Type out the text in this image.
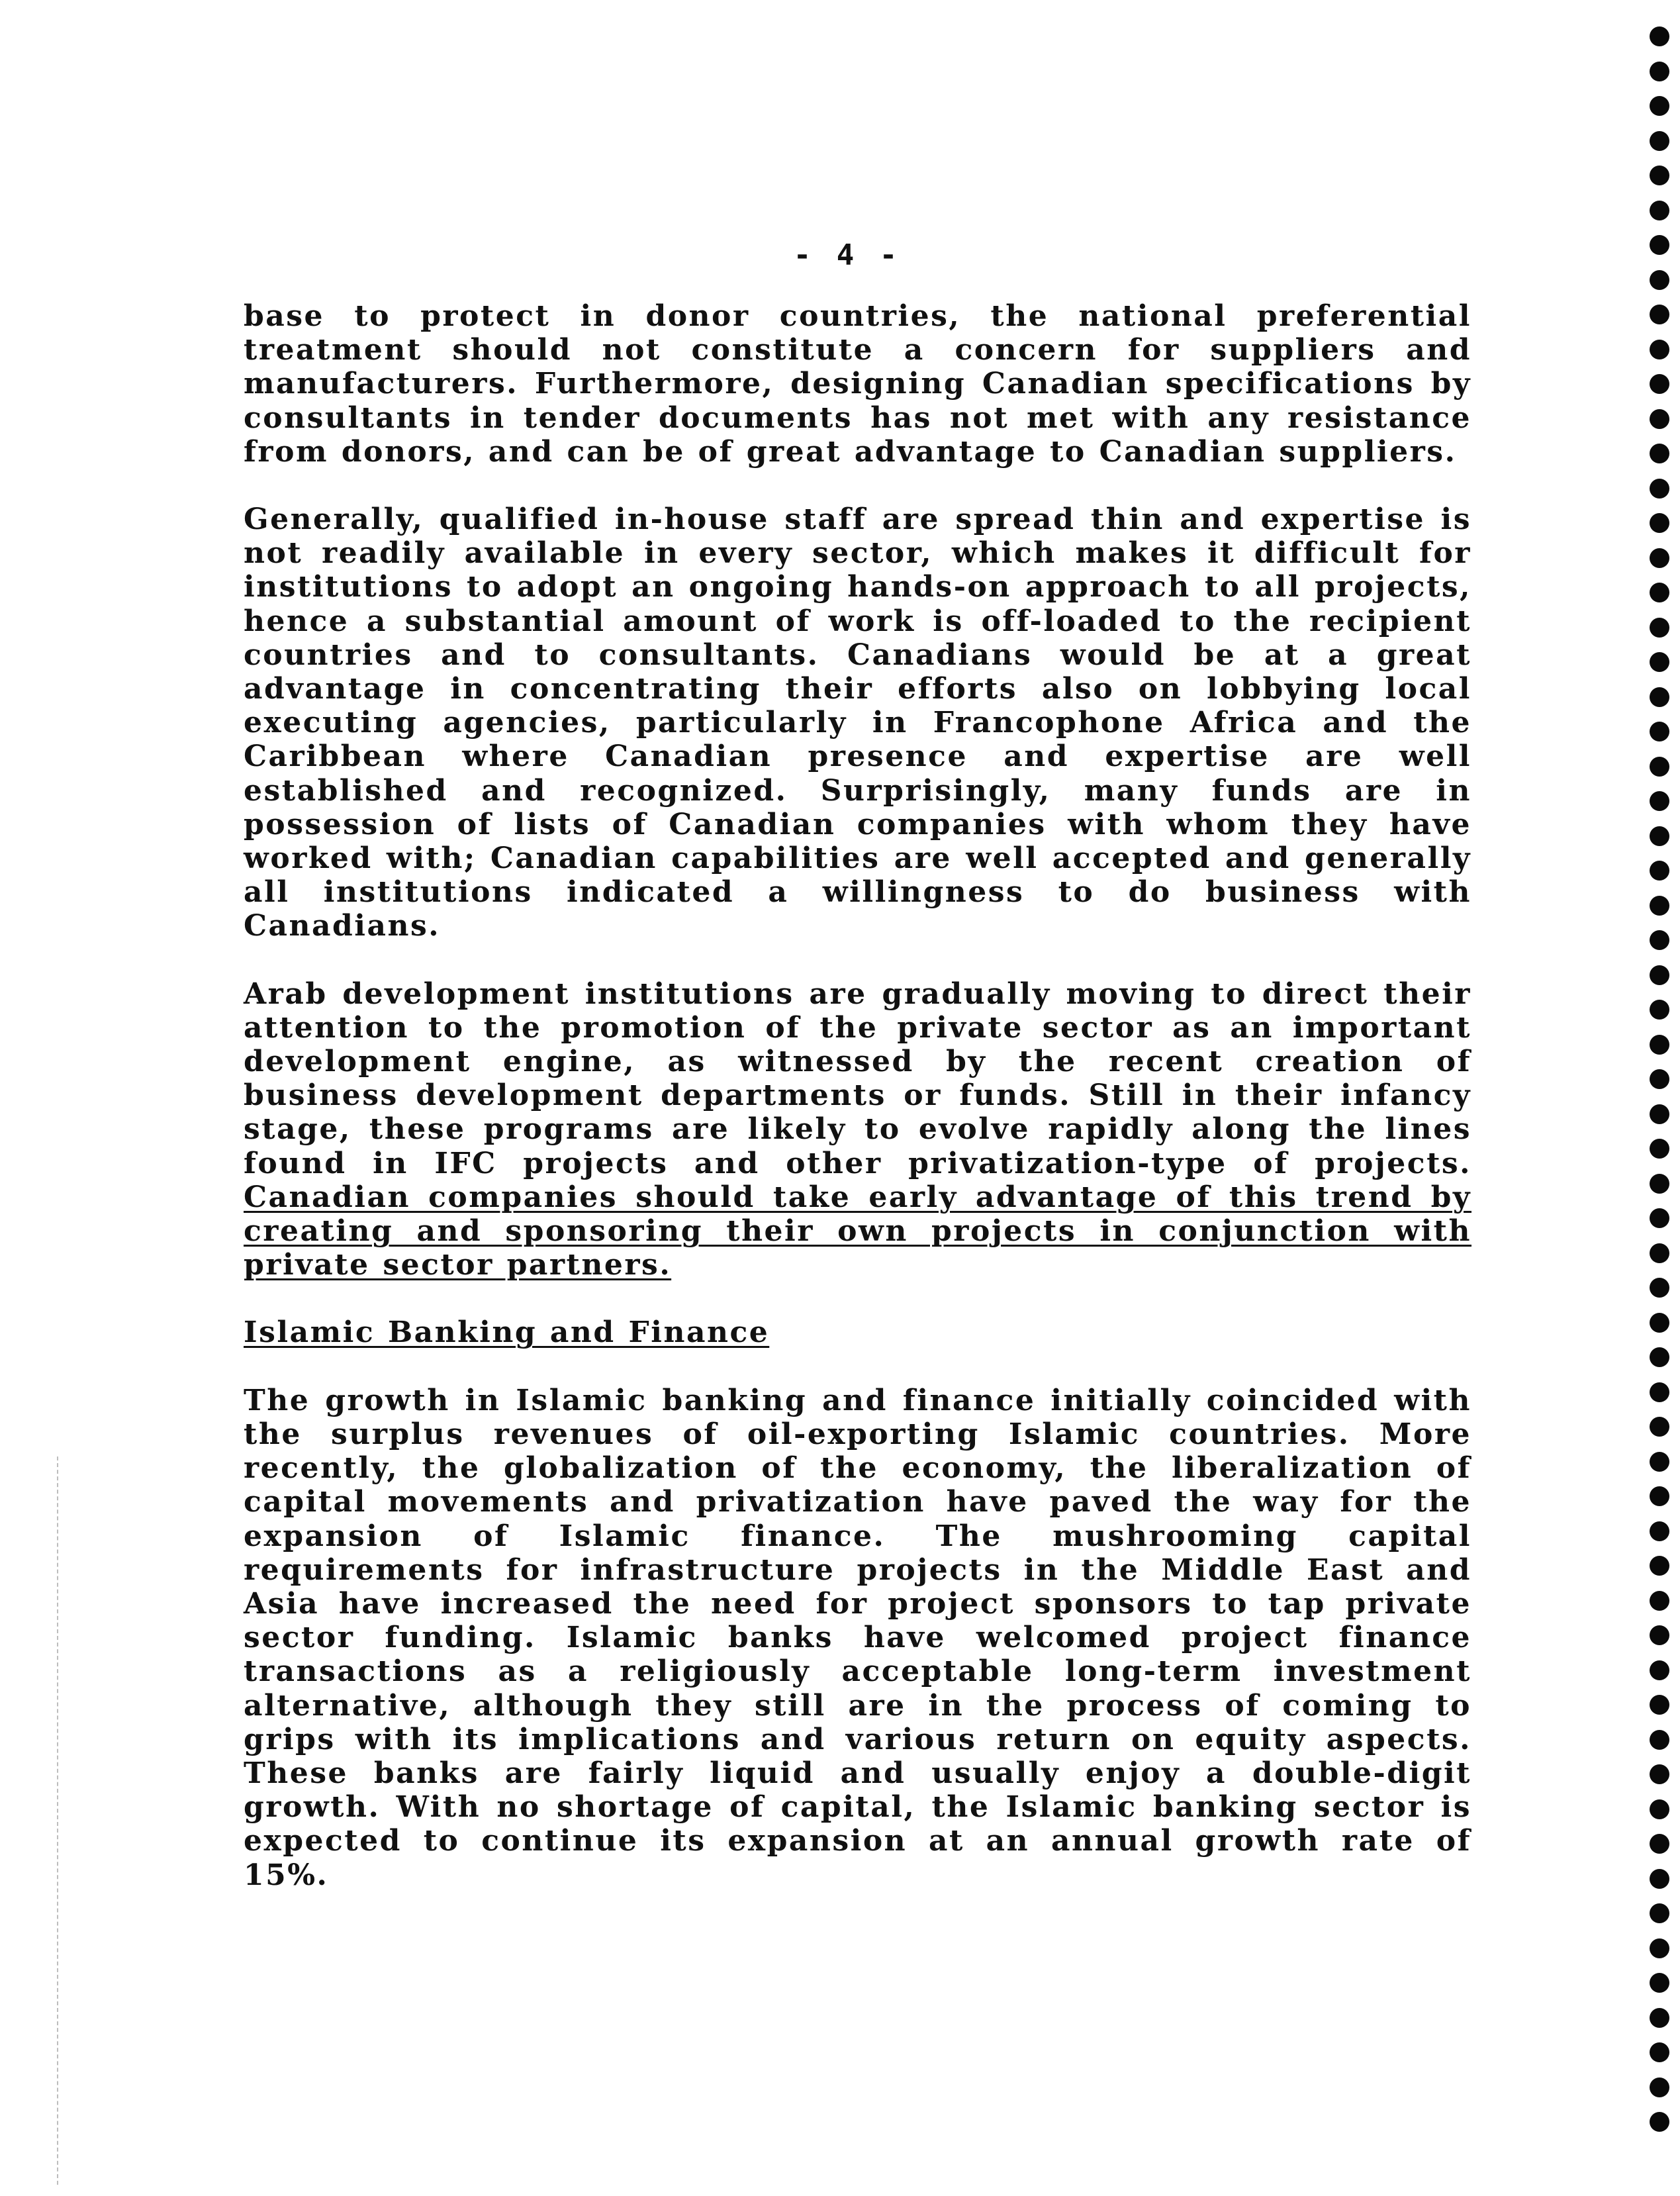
- 4 -

base to protect in donor countries, the national preferential treatment should not constitute a concern for suppliers and manufacturers. Furthermore, designing Canadian specifications by consultants in tender documents has not met with any resistance from donors, and can be of great advantage to Canadian suppliers.

Generally, qualified in-house staff are spread thin and expertise is not readily available in every sector, which makes it difficult for institutions to adopt an ongoing hands-on approach to all projects, hence a substantial amount of work is off-loaded to the recipient countries and to consultants. Canadians would be at a great advantage in concentrating their efforts also on lobbying local executing agencies, particularly in Francophone Africa and the Caribbean where Canadian presence and expertise are well established and recognized. Surprisingly, many funds are in possession of lists of Canadian companies with whom they have worked with; Canadian capabilities are well accepted and generally all institutions indicated a willingness to do business with Canadians.

Arab development institutions are gradually moving to direct their attention to the promotion of the private sector as an important development engine, as witnessed by the recent creation of business development departments or funds. Still in their infancy stage, these programs are likely to evolve rapidly along the lines found in IFC projects and other privatization-type of projects. Canadian companies should take early advantage of this trend by creating and sponsoring their own projects in conjunction with private sector partners.

Islamic Banking and Finance

The growth in Islamic banking and finance initially coincided with the surplus revenues of oil-exporting Islamic countries. More recently, the globalization of the economy, the liberalization of capital movements and privatization have paved the way for the expansion of Islamic finance. The mushrooming capital requirements for infrastructure projects in the Middle East and Asia have increased the need for project sponsors to tap private sector funding. Islamic banks have welcomed project finance transactions as a religiously acceptable long-term investment alternative, although they still are in the process of coming to grips with its implications and various return on equity aspects. These banks are fairly liquid and usually enjoy a double-digit growth. With no shortage of capital, the Islamic banking sector is expected to continue its expansion at an annual growth rate of 15%.
